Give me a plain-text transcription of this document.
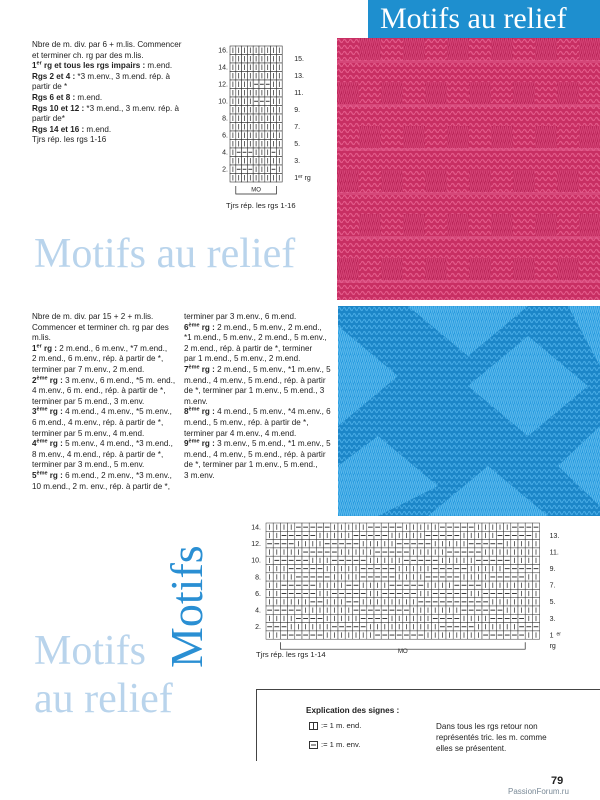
Motifs au relief

Nbre de m. div. par 6 + m.lis. Commencer

et terminer ch. rg par des m.lis.

1er rg et tous les rgs impairs : m.end.

Rgs 2 et 4 : *3 m.env., 3 m.end. rép. à

partir de *

Rgs 6 et 8 : m.end.

Rgs 10 et 12 : *3 m.end., 3 m.env. rép. à

partir de*

Rgs 14 et 16 : m.end.

Tjrs rép. les rgs 1-16

16.
14.
12.
10.
8.
6.
4.
2.
15.
13.
11.
9.
7.
5.
3.
1er rg
MO
Tjrs rép. les rgs 1-16
Motifs au relief

Nbre de m. div. par 15 + 2 + m.lis.

Commencer et terminer ch. rg par des

m.lis.

1er rg : 2 m.end., 6 m.env., *7 m.end.,

2 m.end., 6 m.env., rép. à partir de *,

terminer par 7 m.env., 2 m.end.

2ème rg : 3 m.env., 6 m.end., *5 m. end.,

4 m.env., 6 m. end., rép. à partir de *,

terminer par 5 m.end., 3 m.env.

3ème rg : 4 m.end., 4 m.env., *5 m.env.,

6 m.end., 4 m.env., rép. à partir de *,

terminer par 5 m.env., 4 m.end.

4ème rg : 5 m.env., 4 m.end., *3 m.end.,

8 m.env., 4 m.end., rép. à partir de *,

terminer par 3 m.end., 5 m.env.

5ème rg : 6 m.end., 2 m.env., *3 m.env.,

10 m.end., 2 m. env., rép. à partir de *,

terminer par 3 m.env., 6 m.end.

6ème rg : 2 m.end., 5 m.env., 2 m.end.,

*1 m.end., 5 m.env., 2 m.end., 5 m.env.,

2 m.end., rép. à partir de *, terminer

par 1 m.end., 5 m.env., 2 m.end.

7ème rg : 2 m.end., 5 m.env., *1 m.env., 5

m.end., 4 m.env., 5 m.end., rép. à partir

de *, terminer par 1 m.env., 5 m.end., 3

m.env.

8ème rg : 4 m.end., 5 m.env., *4 m.env., 6

m.end., 5 m.env., rép. à partir de *,

terminer par 4 m.env., 4 m.end.

9ème rg : 3 m.env., 5 m.end., *1 m.env., 5

m.end., 4 m.env., 5 m.end., rép. à partir

de *, terminer par 1 m.env., 5 m.end.,

3 m.env.

Motifs
Motifs
au relief
14.
12.
10.
8.
6.
4.
2.
13.
11.
9.
7.
5.
3.
1 $^{er}$
rg
MO
Tjrs rép. les rgs 1-14
Explication des signes :
:= 1 m. end.
:= 1 m. env.
Dans tous les rgs retour non représentés tric. les m. comme elles se présentent.
79
PassionForum.ru
